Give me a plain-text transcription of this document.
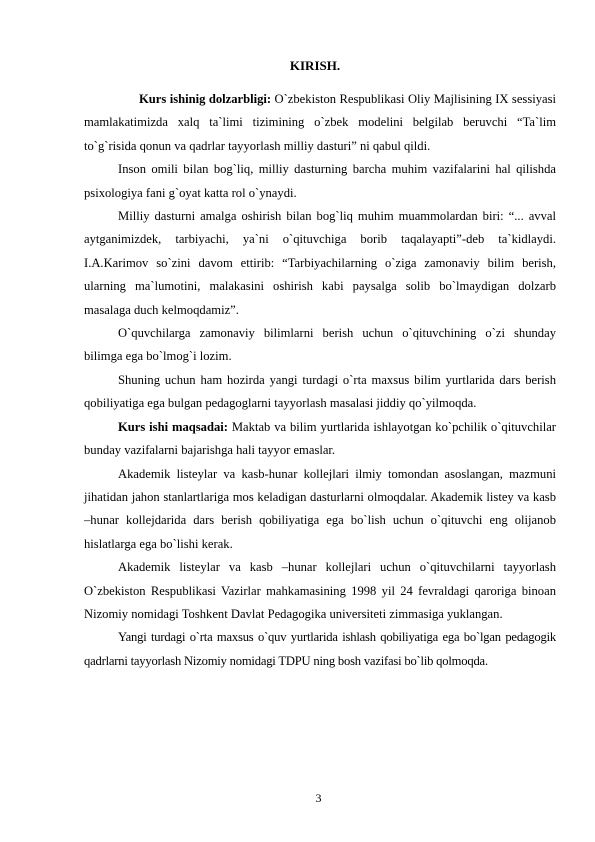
KIRISH.

Kurs ishinig dolzarbligi: O`zbekiston Respublikasi Oliy Majlisining IX sessiyasi mamlakatimizda xalq ta`limi tizimining o`zbek modelini belgilab beruvchi “Ta`lim to`g`risida qonun va qadrlar tayyorlash milliy dasturi” ni qabul qildi.

Inson omili bilan bog`liq, milliy dasturning barcha muhim vazifalarini hal qilishda psixologiya fani g`oyat katta rol o`ynaydi.

Milliy dasturni amalga oshirish bilan bog`liq muhim muammolardan biri: “... avval aytganimizdek, tarbiyachi, ya`ni o`qituvchiga borib taqalayapti”-deb ta`kidlaydi. I.A.Karimov so`zini davom ettirib: “Tarbiyachilarning o`ziga zamonaviy bilim berish, ularning ma`lumotini, malakasini oshirish kabi paysalga solib bo`lmaydigan dolzarb masalaga duch kelmoqdamiz”.

O`quvchilarga zamonaviy bilimlarni berish uchun o`qituvchining o`zi shunday bilimga ega bo`lmog`i lozim.

Shuning uchun ham hozirda yangi turdagi o`rta maxsus bilim yurtlarida dars berish qobiliyatiga ega bulgan pedagoglarni tayyorlash masalasi jiddiy qo`yilmoqda.

Kurs ishi maqsadai: Maktab va bilim yurtlarida ishlayotgan ko`pchilik o`qituvchilar bunday vazifalarni bajarishga hali tayyor emaslar.

Akademik listeylar va kasb-hunar kollejlari ilmiy tomondan asoslangan, mazmuni jihatidan jahon stanlartlariga mos keladigan dasturlarni olmoqdalar. Akademik listey va kasb –hunar kollejdarida dars berish qobiliyatiga ega bo`lish uchun o`qituvchi eng olijanob hislatlarga ega bo`lishi kerak.

Akademik listeylar va kasb –hunar kollejlari uchun o`qituvchilarni tayyorlash O`zbekiston Respublikasi Vazirlar mahkamasining 1998 yil 24 fevraldagi qaroriga binoan Nizomiy nomidagi Toshkent Davlat Pedagogika universiteti zimmasiga yuklangan.

Yangi turdagi o`rta maxsus o`quv yurtlarida ishlash qobiliyatiga ega bo`lgan pedagogik qadrlarni tayyorlash Nizomiy nomidagi TDPU ning bosh vazifasi bo`lib qolmoqda.

3
